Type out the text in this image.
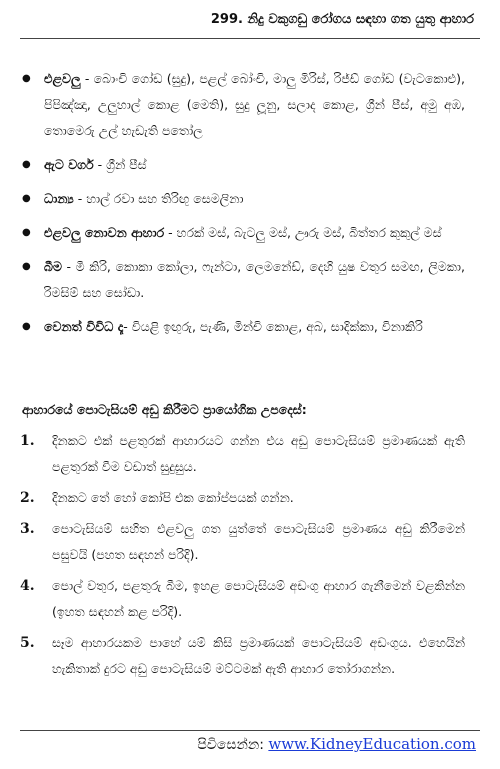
299. නිදු වකුගඩු රෝගය සඳහා ගත යුතු ආහාර
● එළවලු - බොංචි ගෝඩ (සුදු), පළල් බෝංචි, මාලු මිරිස්, රිජ්ඩ් ගෝඩ (වැටකොළු), පිපිඤ්ඤා, උලුහාල් කොළ (මෙති), සුදු ලූනු, සලාද කොළ, ග්‍රීන් පීස්, අමු අඹ, තොමෙරු උල් හැඩැති පතෝල
● ඇට වර්ග - ග්‍රීන් පීස්
● ධාන්‍ය - හාල් රවා සහ තිරිඟු සෙමලිනා
● එළවලු නොවන ආහාර - හරක් මස්, බැටලු මස්, ඌරු මස්, බිත්තර කුකුල් මස්
● බීම - මී කිරි, කොකා කෝලා, ෆැන්ටා, ලෙමනේඩ්, දෙහි යුෂ වතුර සමඟ, ලිමකා, රිමසිම් සහ සෝඩා.
● වෙනත් විවිධ දෑ- වියළි ඉඟුරු, පැණි, මින්චි කොළ, අබ, සාදික්කා, විනාකිරි
ආහාරයේ පොටැසියම් අඩු කිරීමට ප්‍රායෝගික උපදෙස්:
1. දිනකට එක් පළතුරක් ආහාරයට ගන්න එය අඩු පොටැසියම් ප්‍රමාණයක් ඇති පළතුරක් වීම වඩාත් සුදුසුය.
2. දිනකට තේ හෝ කෝපි එක කෝප්පයක් ගන්න.
3. පොටැසියම් සහිත එළවලු ගත යුත්තේ පොටැසියම් ප්‍රමාණය අඩු කිරීමෙන් පසුවයි (පහත සඳහන් පරිදි).
4. පොල් වතුර, පළතුරු බීම, ඉහළ පොටැසියම් අඩංගු ආහාර ගැනීමෙන් වළකින්න (ඉහත සඳහන් කළ පරිදි).
5. සෑම ආහාරයකම පාහේ යම් කිසි ප්‍රමාණයක් පොටැසියම් අඩංගුය. එහෙයින් හැකිතාක් දුරට අඩු පොටැසියම් මට්ටමක් ඇති ආහාර තෝරාගන්න.
පිවිසෙන්න: www.KidneyEducation.com
